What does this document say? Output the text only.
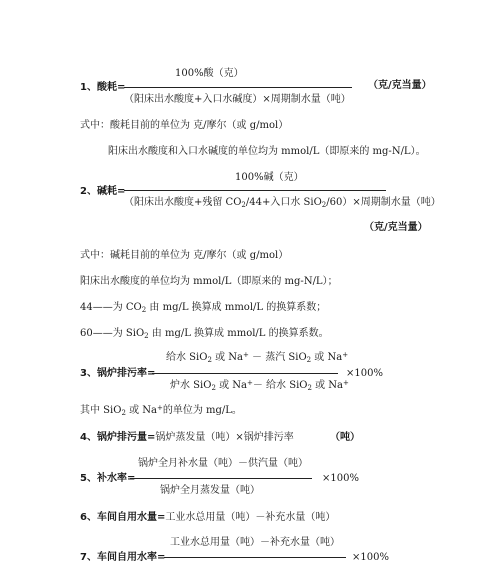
100%酸（克）
1、酸耗=	（克/克当量）
（阳床出水酸度+入口水碱度）×周期制水量（吨）
式中：酸耗目前的单位为 克/摩尔（或 g/mol）
阳床出水酸度和入口水碱度的单位均为 mmol/L（即原来的 mg-N/L）。
100%碱（克）
2、碱耗=
（阳床出水酸度+残留 $CO_2/44+$入口水 SiO$_2$/60）×周期制水量（吨）
（克/克当量）
式中：碱耗目前的单位为 克/摩尔（或 g/mol）
阳床出水酸度的单位均为 mmol/L（即原来的 mg-N/L）；
44——为 $CO_2$ 由 mg/L 换算成 mmol/L 的换算系数；
60——为 SiO$_2$ 由 mg/L 换算成 mmol/L 的换算系数。
给水 SiO$_2$ 或 Na+ － 蒸汽 SiO$_2$ 或 Na+
3、锅炉排污率=	×100%
炉水 SiO$_2$ 或 Na+－ 给水 SiO$_2$ 或 Na+
其中 SiO$_2$ 或 Na+的单位为 mg/L。
4、锅炉排污量=锅炉蒸发量（吨）×锅炉排污率	（吨）
锅炉全月补水量（吨）－供汽量（吨）
5、补水率=	×100%
锅炉全月蒸发量（吨）
6、车间自用水量=工业水总用量（吨）－补充水量（吨）
工业水总用量（吨）－补充水量（吨）
7、车间自用水率=	×100%
